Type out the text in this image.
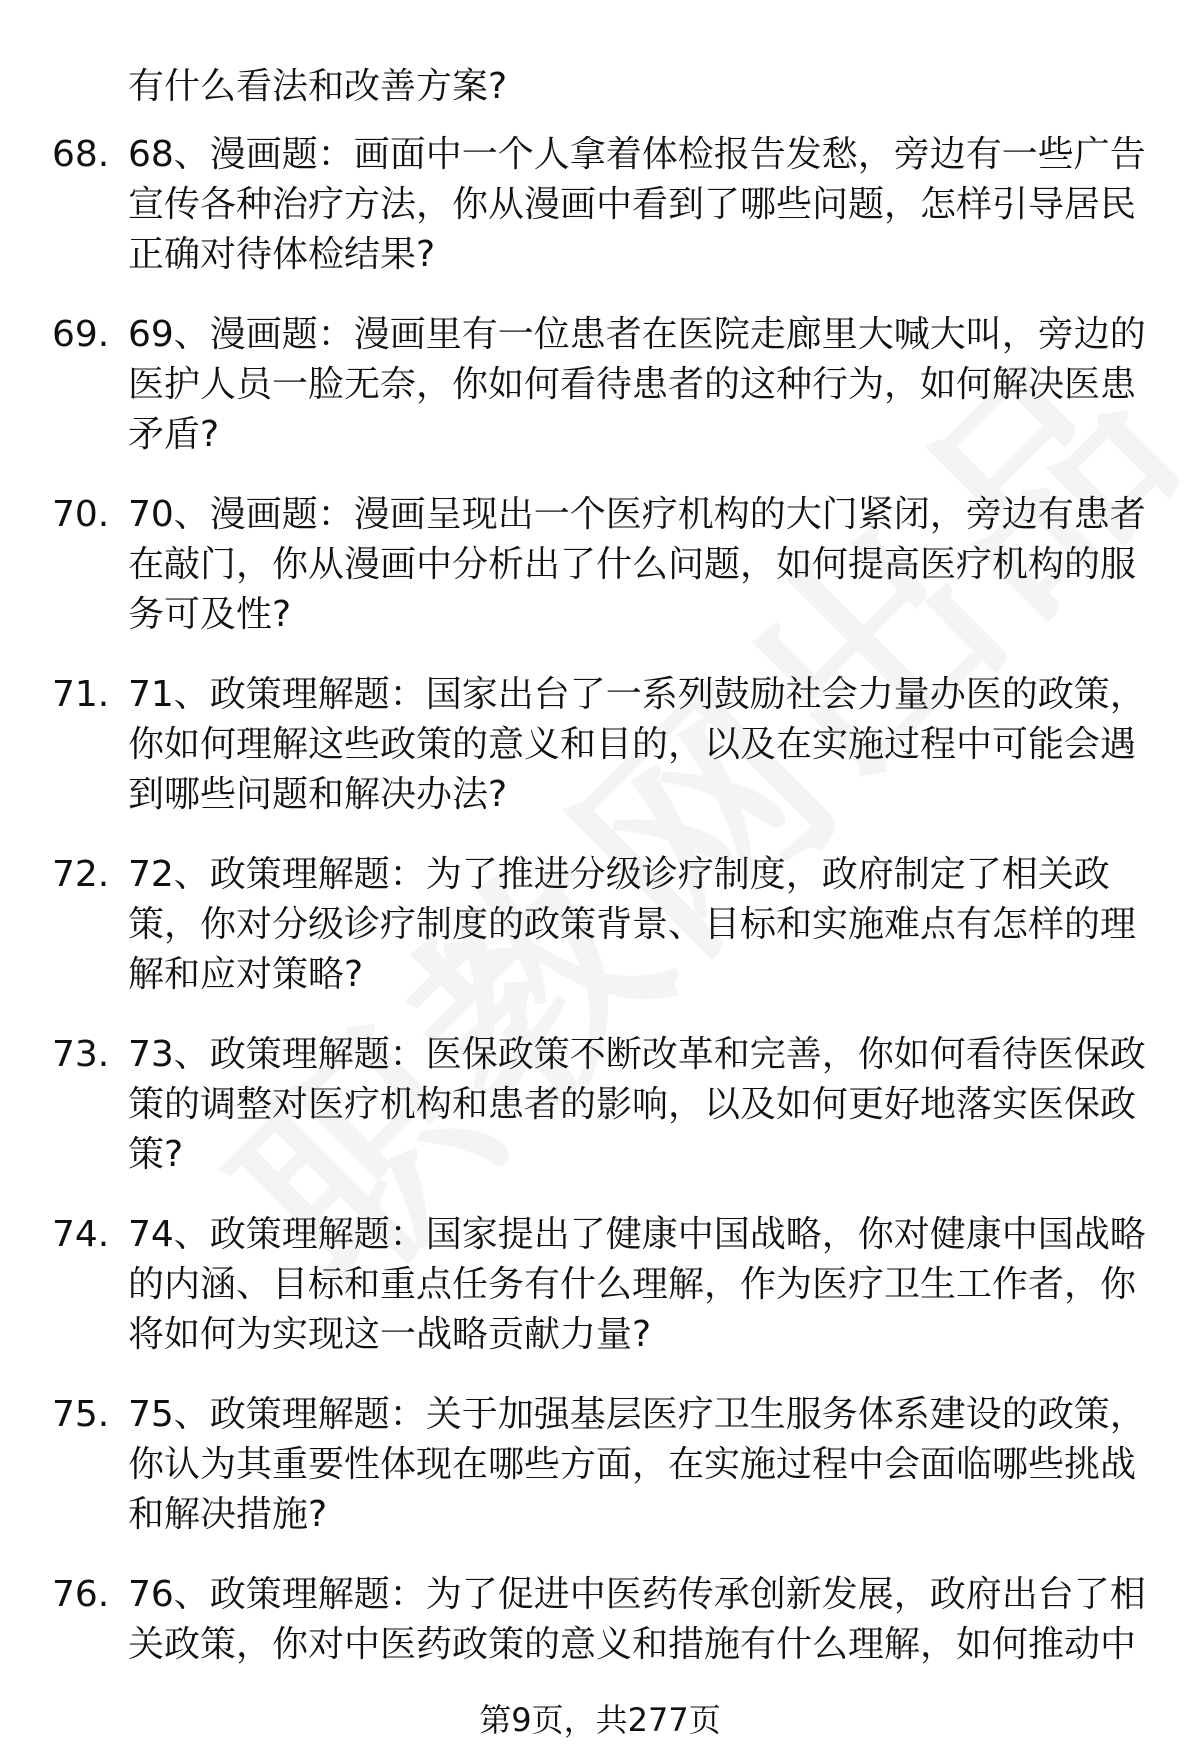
有什么看法和改善方案?
68. 68、漫画题：画面中一个人拿着体检报告发愁，旁边有一些广告宣传各种治疗方法，你从漫画中看到了哪些问题，怎样引导居民正确对待体检结果?
69. 69、漫画题：漫画里有一位患者在医院走廊里大喊大叫，旁边的医护人员一脸无奈，你如何看待患者的这种行为，如何解决医患矛盾?
70. 70、漫画题：漫画呈现出一个医疗机构的大门紧闭，旁边有患者在敲门，你从漫画中分析出了什么问题，如何提高医疗机构的服务可及性?
71. 71、政策理解题：国家出台了一系列鼓励社会力量办医的政策，你如何理解这些政策的意义和目的，以及在实施过程中可能会遇到哪些问题和解决办法?
72. 72、政策理解题：为了推进分级诊疗制度，政府制定了相关政策，你对分级诊疗制度的政策背景、目标和实施难点有怎样的理解和应对策略?
73. 73、政策理解题：医保政策不断改革和完善，你如何看待医保政策的调整对医疗机构和患者的影响，以及如何更好地落实医保政策?
74. 74、政策理解题：国家提出了健康中国战略，你对健康中国战略的内涵、目标和重点任务有什么理解，作为医疗卫生工作者，你将如何为实现这一战略贡献力量?
75. 75、政策理解题：关于加强基层医疗卫生服务体系建设的政策，你认为其重要性体现在哪些方面，在实施过程中会面临哪些挑战和解决措施?
76. 76、政策理解题：为了促进中医药传承创新发展，政府出台了相关政策，你对中医药政策的意义和措施有什么理解，如何推动中
第9页，共277页
